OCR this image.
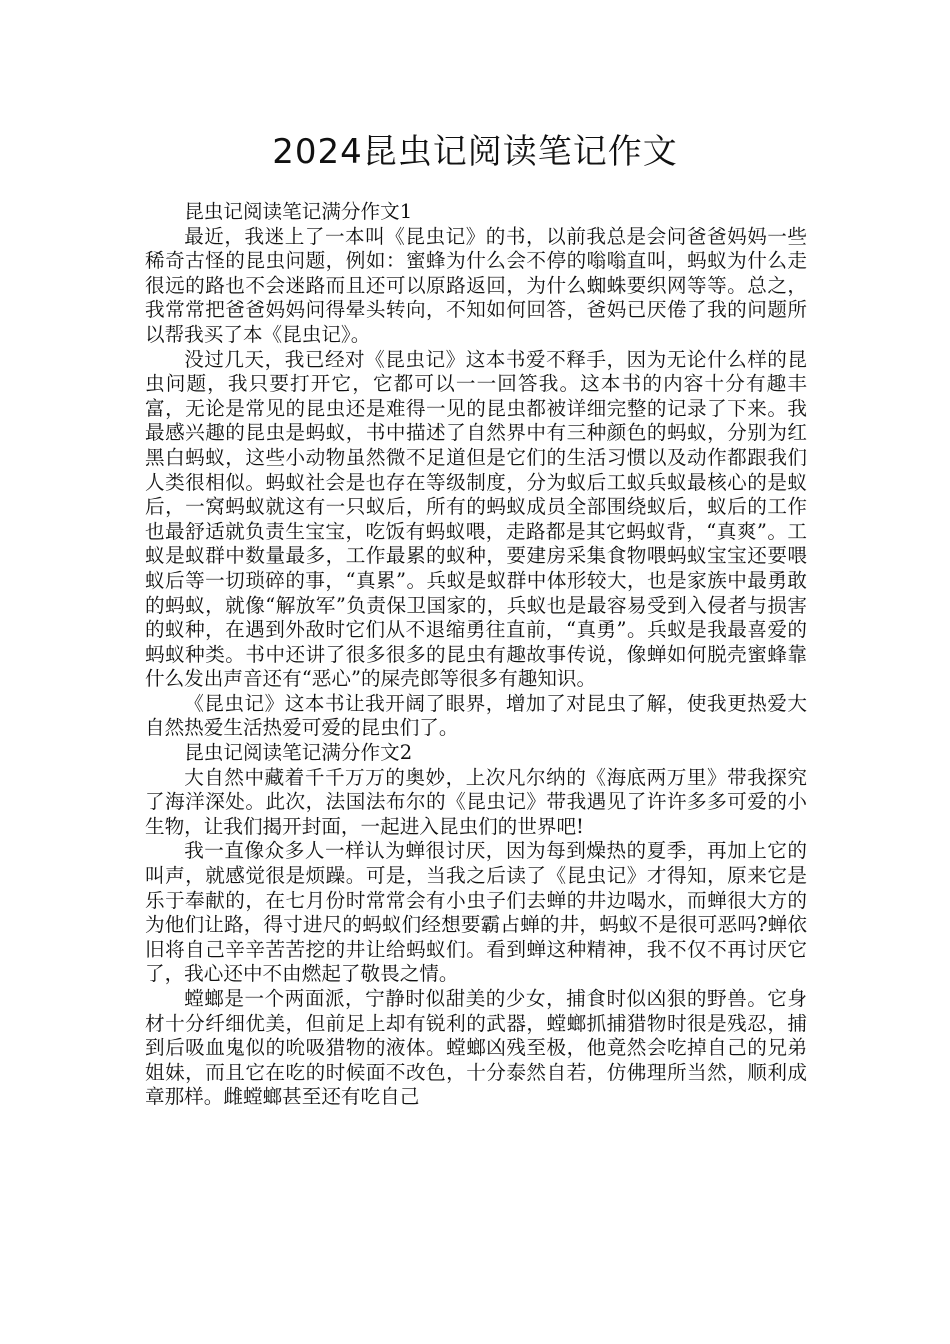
2024昆虫记阅读笔记作文

昆虫记阅读笔记满分作文1

最近，我迷上了一本叫《昆虫记》的书，以前我总是会问爸爸妈妈一些稀奇古怪的昆虫问题，例如：蜜蜂为什么会不停的嗡嗡直叫，蚂蚁为什么走很远的路也不会迷路而且还可以原路返回，为什么蜘蛛要织网等等。总之，我常常把爸爸妈妈问得晕头转向，不知如何回答，爸妈已厌倦了我的问题所以帮我买了本《昆虫记》。

没过几天，我已经对《昆虫记》这本书爱不释手，因为无论什么样的昆虫问题，我只要打开它，它都可以一一回答我。这本书的内容十分有趣丰富，无论是常见的昆虫还是难得一见的昆虫都被详细完整的记录了下来。我最感兴趣的昆虫是蚂蚁，书中描述了自然界中有三种颜色的蚂蚁，分别为红黑白蚂蚁，这些小动物虽然微不足道但是它们的生活习惯以及动作都跟我们人类很相似。蚂蚁社会是也存在等级制度，分为蚁后工蚁兵蚁最核心的是蚁后，一窝蚂蚁就这有一只蚁后，所有的蚂蚁成员全部围绕蚁后，蚁后的工作也最舒适就负责生宝宝，吃饭有蚂蚁喂，走路都是其它蚂蚁背，“真爽”。工蚁是蚁群中数量最多，工作最累的蚁种，要建房采集食物喂蚂蚁宝宝还要喂蚁后等一切琐碎的事，“真累”。兵蚁是蚁群中体形较大，也是家族中最勇敢的蚂蚁，就像“解放军”负责保卫国家的，兵蚁也是最容易受到入侵者与损害的蚁种，在遇到外敌时它们从不退缩勇往直前，“真勇”。兵蚁是我最喜爱的蚂蚁种类。书中还讲了很多很多的昆虫有趣故事传说，像蝉如何脱壳蜜蜂靠什么发出声音还有“恶心”的屎壳郎等很多有趣知识。

《昆虫记》这本书让我开阔了眼界，增加了对昆虫了解，使我更热爱大自然热爱生活热爱可爱的昆虫们了。

昆虫记阅读笔记满分作文2

大自然中藏着千千万万的奥妙，上次凡尔纳的《海底两万里》带我探究了海洋深处。此次，法国法布尔的《昆虫记》带我遇见了许许多多可爱的小生物，让我们揭开封面，一起进入昆虫们的世界吧!

我一直像众多人一样认为蝉很讨厌，因为每到燥热的夏季，再加上它的叫声，就感觉很是烦躁。可是，当我之后读了《昆虫记》才得知，原来它是乐于奉献的，在七月份时常常会有小虫子们去蝉的井边喝水，而蝉很大方的为他们让路，得寸进尺的蚂蚁们经想要霸占蝉的井，蚂蚁不是很可恶吗?蝉依旧将自己辛辛苦苦挖的井让给蚂蚁们。看到蝉这种精神，我不仅不再讨厌它了，我心还中不由燃起了敬畏之情。

螳螂是一个两面派，宁静时似甜美的少女，捕食时似凶狠的野兽。它身材十分纤细优美，但前足上却有锐利的武器，螳螂抓捕猎物时很是残忍，捕到后吸血鬼似的吮吸猎物的液体。螳螂凶残至极，他竟然会吃掉自己的兄弟姐妹，而且它在吃的时候面不改色，十分泰然自若，仿佛理所当然，顺利成章那样。雌螳螂甚至还有吃自己
